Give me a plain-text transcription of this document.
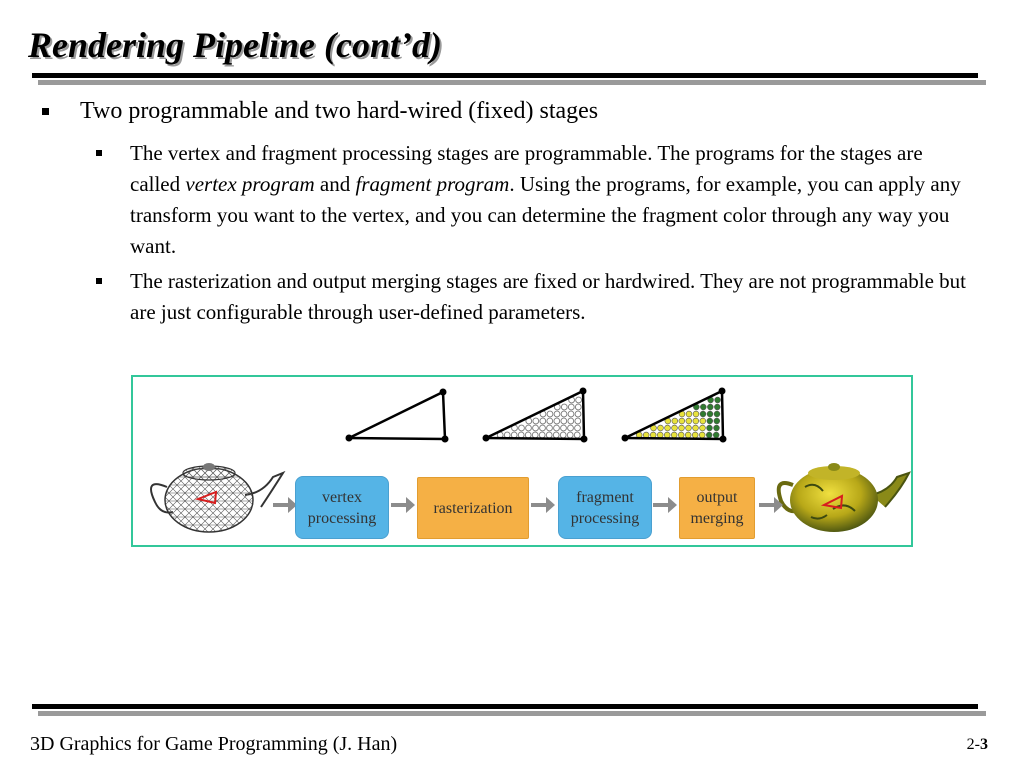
Rendering Pipeline (cont’d)
Two programmable and two hard-wired (fixed) stages
The vertex and fragment processing stages are programmable. The programs for the stages are called vertex program and fragment program. Using the programs, for example, you can apply any transform you want to the vertex, and you can determine the fragment color through any way you want.
The rasterization and output merging stages are fixed or hardwired. They are not programmable but are just configurable through user-defined parameters.
vertex processing
rasterization
fragment processing
output merging
3D Graphics for Game Programming (J. Han)	2-3
